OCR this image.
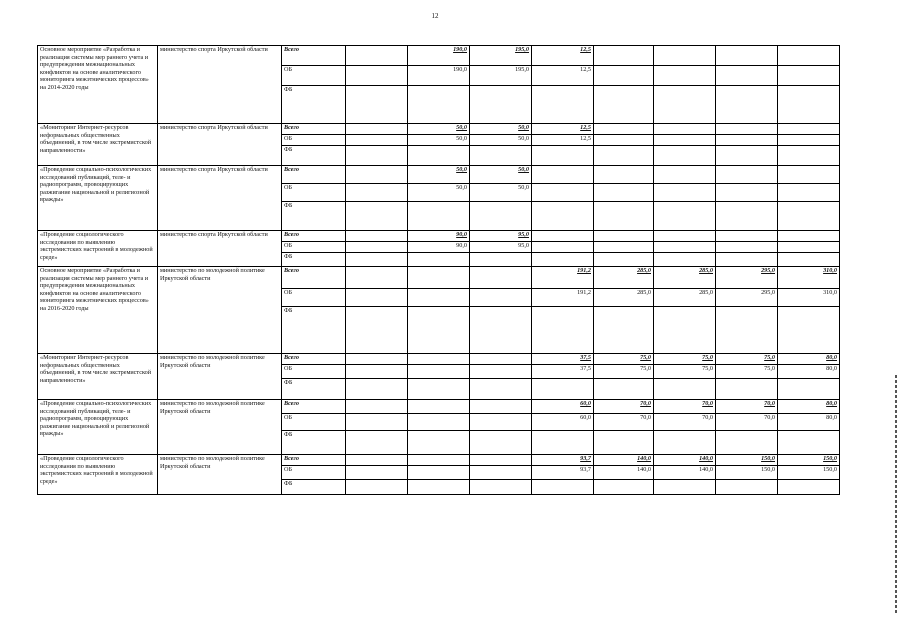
12
Основное мероприятие «Разработка и реализация системы мер раннего учета и предупреждения межнациональных конфликтов на основе аналитического мониторинга межэтнических процессов» на 2014-2020 годы	министерство спорта Иркутской области	Всего		190,0	195,0	12,5					
		ОБ		190,0	195,0	12,5					
		ФБ									
«Мониторинг Интернет-ресурсов неформальных общественных объединений, в том числе экстремистской направленности»	министерство спорта Иркутской области	Всего		50,0	50,0	12,5					
		ОБ		50,0	50,0	12,5					
		ФБ									
«Проведение социально-психологических исследований публикаций, теле- и радиопрограмм, провоцирующих разжигание национальной и религиозной вражды»	министерство спорта Иркутской области	Всего		50,0	50,0						
		ОБ		50,0	50,0						
		ФБ									
«Проведение социологического исследования по выявлению экстремистских настроений в молодежной среде»	министерство спорта Иркутской области	Всего		90,0	95,0						
		ОБ		90,0	95,0						
		ФБ									
Основное мероприятие «Разработка и реализация системы мер раннего учета и предупреждения межнациональных конфликтов на основе аналитического мониторинга межэтнических процессов» на 2016-2020 годы	министерство по молодежной политике Иркутской области	Всего				191,2	285,0	285,0	295,0	310,0	
		ОБ				191,2	285,0	285,0	295,0	310,0	
		ФБ									
«Мониторинг Интернет-ресурсов неформальных общественных объединений, в том числе экстремистской направленности»	министерство по молодежной политике Иркутской области	Всего				37,5	75,0	75,0	75,0	80,0	
		ОБ				37,5	75,0	75,0	75,0	80,0	
		ФБ									
«Проведение социально-психологических исследований публикаций, теле- и радиопрограмм, провоцирующих разжигание национальной и религиозной вражды»	министерство по молодежной политике Иркутской области	Всего				60,0	70,0	70,0	70,0	80,0	
		ОБ				60,0	70,0	70,0	70,0	80,0	
		ФБ									
«Проведение социологического исследования по выявлению экстремистских настроений в молодежной среде»	министерство по молодежной политике Иркутской области	Всего				93,7	140,0	140,0	150,0	150,0	
		ОБ				93,7	140,0	140,0	150,0	150,0	
		ФБ									
